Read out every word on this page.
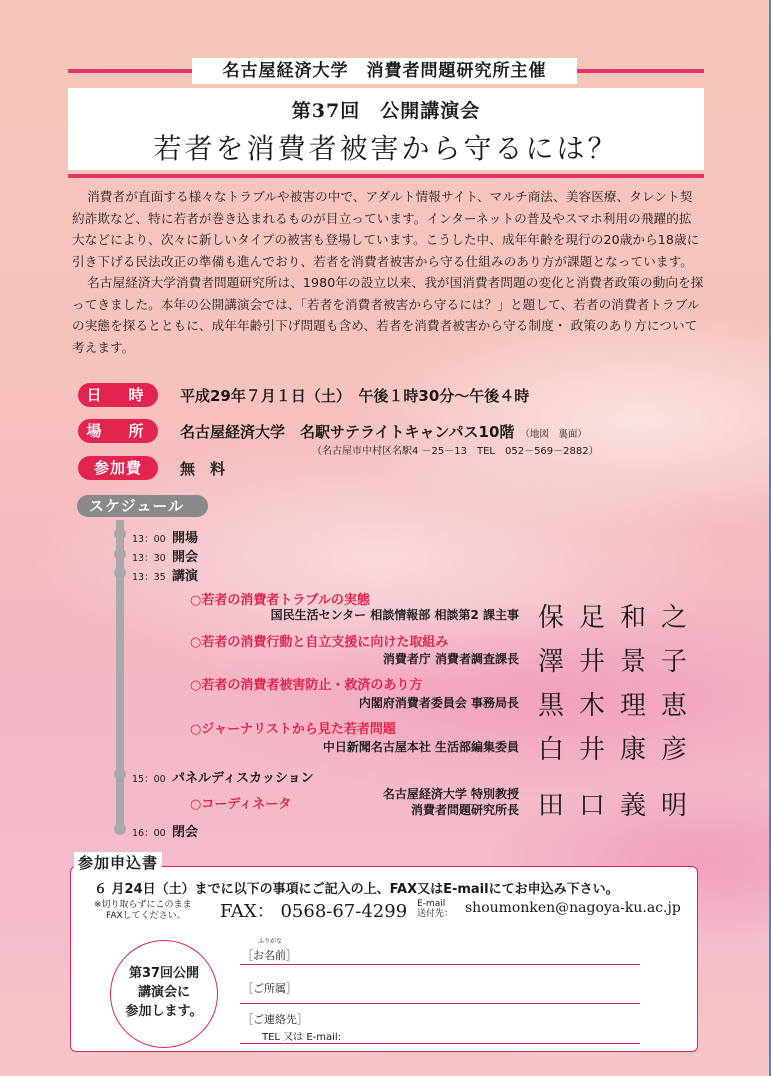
名古屋経済大学　消費者問題研究所主催
第37回　公開講演会
若者を消費者被害から守るには？

消費者が直面する様々なトラブルや被害の中で、アダルト情報サイト、マルチ商法、美容医療、タレント契約詐欺など、特に若者が巻き込まれるものが目立っています。インターネットの普及やスマホ利用の飛躍的拡大などにより、次々に新しいタイプの被害も登場しています。こうした中、成年年齢を現行の20歳から18歳に引き下げる民法改正の準備も進んでおり、若者を消費者被害から守る仕組みのあり方が課題となっています。

名古屋経済大学消費者問題研究所は、1980年の設立以来、我が国消費者問題の変化と消費者政策の動向を探ってきました。本年の公開講演会では、「若者を消費者被害から守るには？」と題して、若者の消費者トラブルの実態を探るとともに、成年年齢引下げ問題も含め、若者を消費者被害から守る制度・ 政策のあり方について考えます。

日　時	平成29年７月１日（土）　午後１時30分～午後４時
場　所	名古屋経済大学　名駅サテライトキャンパス10階 （地図　裏面）
（名古屋市中村区名駅4 －25－13　TEL　052－569－2882）
参加費	無　料
スケジュール
13：00 開場
13：30 開会
13：35 講演
○若者の消費者トラブルの実態
国民生活センター 相談情報部 相談第2 課主事 保足和之
○若者の消費行動と自立支援に向けた取組み
消費者庁 消費者調査課長 澤井景子
○若者の消費者被害防止・救済のあり方
内閣府消費者委員会 事務局長 黒木理恵
○ジャーナリストから見た若者問題
中日新聞名古屋本社 生活部編集委員 白井康彦
15：00 パネルディスカッション
○コーディネータ
名古屋経済大学 特別教授
消費者問題研究所長 田口義明
16：00 閉会
参加申込書
６ 月24日（土）までに以下の事項にご記入の上、FAX又はE-mailにてお申込み下さい。
※切り取らずにこのまま
FAXしてください。	FAX： 0568-67-4299 E-mail
送付先： shoumonken@nagoya-ku.ac.jp
第37回公開
講演会に
参加します。
ふりがな
［お名前］
［ご所属］
［ご連絡先］
TEL 又は E-mail:
